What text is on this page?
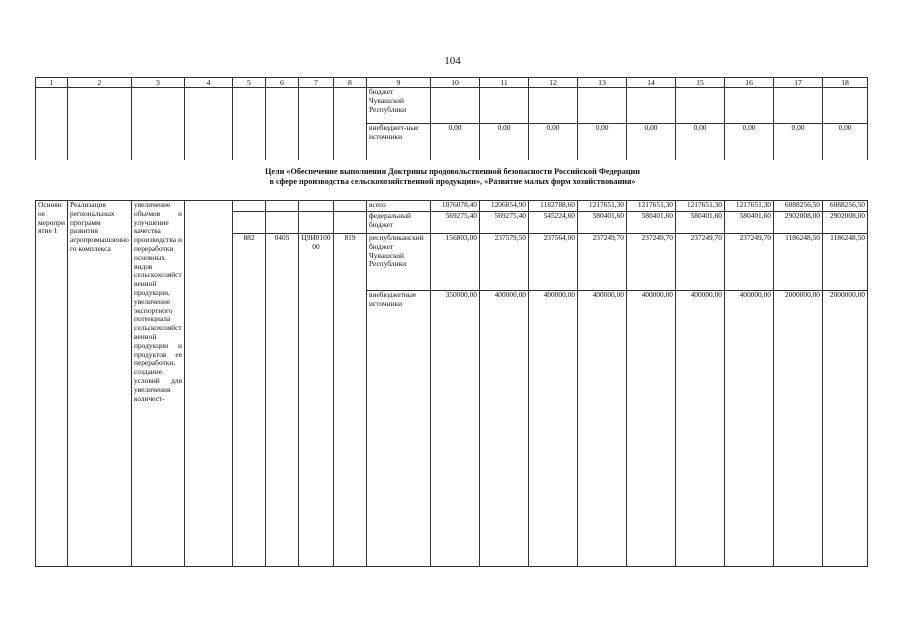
104
1	2	3	4	5	6	7	8	9	10	11	12	13	14	15	16	17	18
								бюджет Чувашской Республики									
								внебюджет-ные источники	0,00	0,00	0,00	0,00	0,00	0,00	0,00	0,00	0,00
Цели «Обеспечение выполнения Доктрины продовольственной безопасности Российской Федерации
в сфере производства сельскохозяйственной продукции», «Развитие малых форм хозяйствования»
Основное мероприятие 1	Реализация региональных программ развития агропромышленного комплекса	увеличение объемов и улучшение качества производства и переработки основных видов сельскохозяйственной продукции, увеличение экспортного потенциала сельскохозяйственной продукции и продуктов ее переработки, создание условий для увеличения количест-						всего	1076078,40	1206854,90	1182788,60	1217651,30	1217651,30	1217651,30	1217651,30	6088256,50	6088256,50
								федеральный бюджет	569275,40	569275,40	545224,60	580401,60	580401,60	580401,60	580401,60	2902008,00	2902008,00
				882	0405	Ц9И010000	819	республиканский бюджет Чувашской Республики	156803,00	237579,50	237564,00	237249,70	237249,70	237249,70	237249,70	1186248,50	1186248,50
								внебюджетные источники	350000,00	400000,00	400000,00	400000,00	400000,00	400000,00	400000,00	2000000,00	2000000,00
